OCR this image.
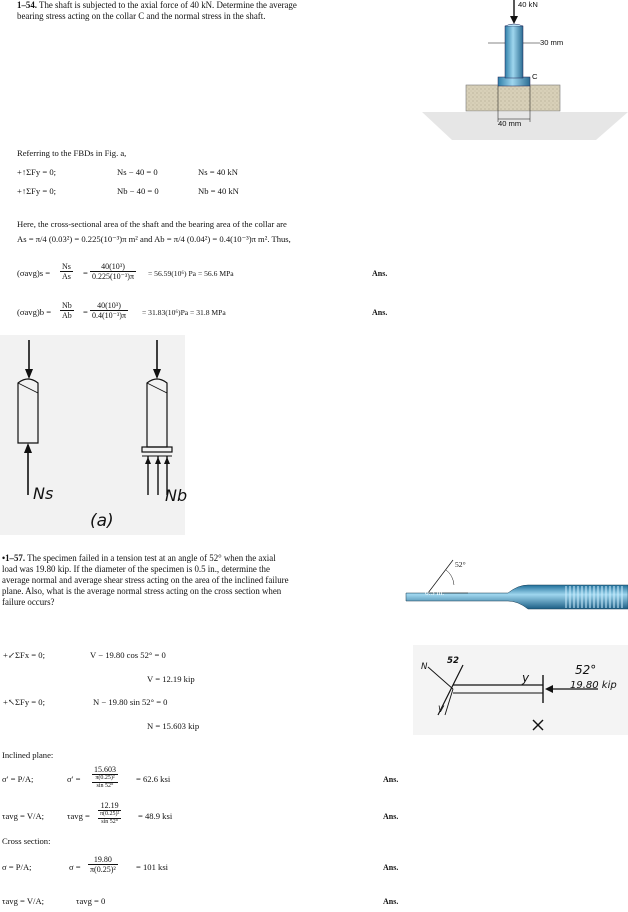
1–54. The shaft is subjected to the axial force of 40 kN. Determine the average bearing stress acting on the collar C and the normal stress in the shaft.
40 kN
30 mm
C
40 mm
Referring to the FBDs in Fig. a,
+↑ΣFy = 0;	Ns − 40 = 0	Ns = 40 kN
+↑ΣFy = 0;	Nb − 40 = 0	Nb = 40 kN
Here, the cross-sectional area of the shaft and the bearing area of the collar are
As = π/4 (0.03²) = 0.225(10⁻³)π m² and Ab = π/4 (0.04²) = 0.4(10⁻³)π m². Thus,
$(\sigma avg)s = \frac{Ns}{As} = \frac{\text{40(10³)}}{\text{0.225(10⁻³)π}} = 56.59(10^6) Pa = 56.6$ MPa	Ans.
$(\sigma avg)b = \frac{Nb}{Ab} = \frac{\text{40(10³)}}{\text{0.4(10⁻³)π}} = 31.83(10^6)Pa = 31.8$ MPa	Ans.
Ns	Nb
(a)
•1–57. The specimen failed in a tension test at an angle of 52° when the axial load was 19.80 kip. If the diameter of the specimen is 0.5 in., determine the average normal and average shear stress acting on the area of the inclined failure plane. Also, what is the average normal stress acting on the cross section when failure occurs?
52°
0.5 in.
N
52
V
y
52°
19.80 kip
+↙ΣFx = 0;	V − 19.80 cos 52° = 0
V = 12.19 kip
+↖ΣFy = 0;	N − 19.80 sin 52° = 0
N = 15.603 kip
Inclined plane:
σ′ = P/A;	σ′ =
15.603
π(0.25)²
sin 52°
= 62.6 ksi	Ans.
τavg = V/A;	τavg =
12.19
π(0.25)²
sin 52°
= 48.9 ksi	Ans.
Cross section:
σ = P/A;	$\sigma = \frac{19.80}{\text{π(0.25)²}} = 101$ ksi	Ans.
τavg = V/A;	τavg = 0	Ans.
